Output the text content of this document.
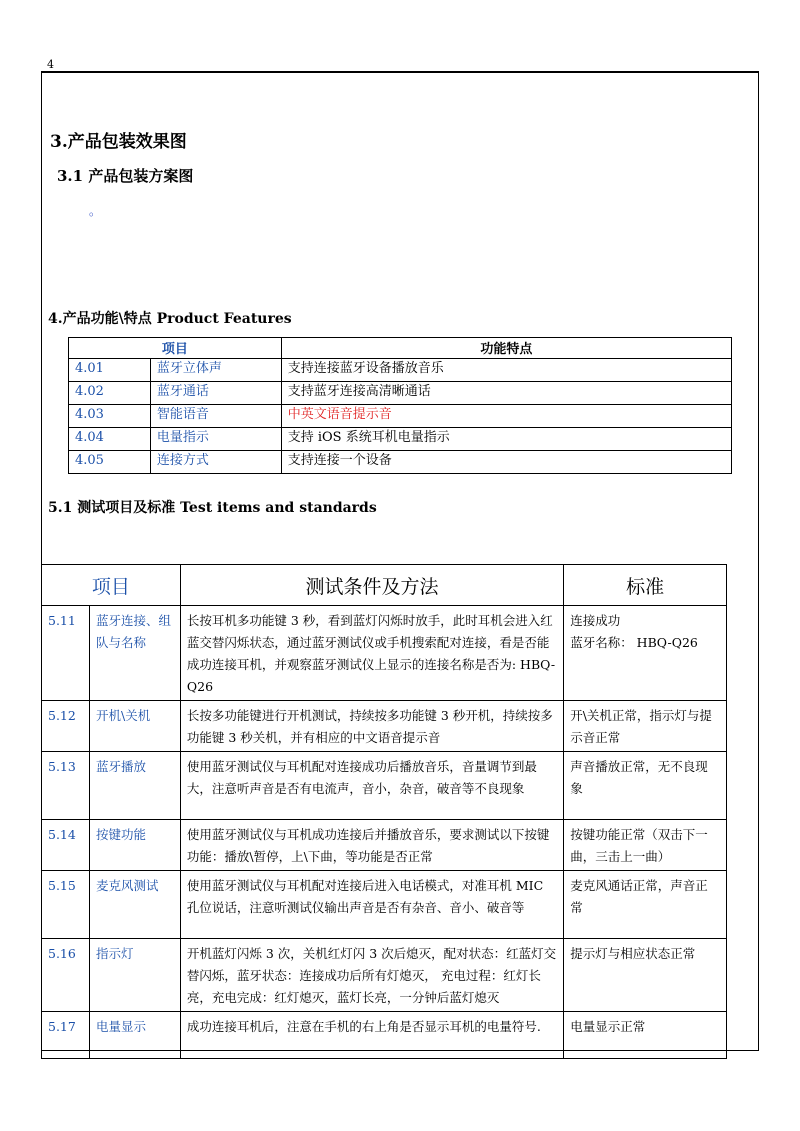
4
3.产品包装效果图
3.1 产品包装方案图
。
4.产品功能\特点 Product Features
项目		功能特点
4.01	蓝牙立体声	支持连接蓝牙设备播放音乐
4.02	蓝牙通话	支持蓝牙连接高清晰通话
4.03	智能语音	中英文语音提示音
4.04	电量指示	支持 iOS 系统耳机电量指示
4.05	连接方式	支持连接一个设备
5.1 测试项目及标准 Test items and standards
项目		测试条件及方法	标准
5.11	蓝牙连接、组队与名称	长按耳机多功能键 3 秒，看到蓝灯闪烁时放手，此时耳机会进入红蓝交替闪烁状态，通过蓝牙测试仪或手机搜索配对连接，看是否能成功连接耳机，并观察蓝牙测试仪上显示的连接名称是否为: HBQ-Q26	连接成功
蓝牙名称： HBQ-Q26
5.12	开机\关机	长按多功能键进行开机测试，持续按多功能键 3 秒开机，持续按多功能键 3 秒关机，并有相应的中文语音提示音	开\关机正常，指示灯与提示音正常
5.13	蓝牙播放	使用蓝牙测试仪与耳机配对连接成功后播放音乐，音量调节到最大，注意听声音是否有电流声，音小，杂音，破音等不良现象	声音播放正常，无不良现象
5.14	按键功能	使用蓝牙测试仪与耳机成功连接后并播放音乐，要求测试以下按键功能：播放\暂停，上\下曲，等功能是否正常	按键功能正常（双击下一曲，三击上一曲）
5.15	麦克风测试	使用蓝牙测试仪与耳机配对连接后进入电话模式，对准耳机 MIC 孔位说话，注意听测试仪输出声音是否有杂音、音小、破音等	麦克风通话正常，声音正常
5.16	指示灯	开机蓝灯闪烁 3 次，关机红灯闪 3 次后熄灭，配对状态：红蓝灯交替闪烁，蓝牙状态：连接成功后所有灯熄灭， 充电过程：红灯长亮，充电完成：红灯熄灭，蓝灯长亮，一分钟后蓝灯熄灭	提示灯与相应状态正常
5.17	电量显示	成功连接耳机后，注意在手机的右上角是否显示耳机的电量符号.	电量显示正常
